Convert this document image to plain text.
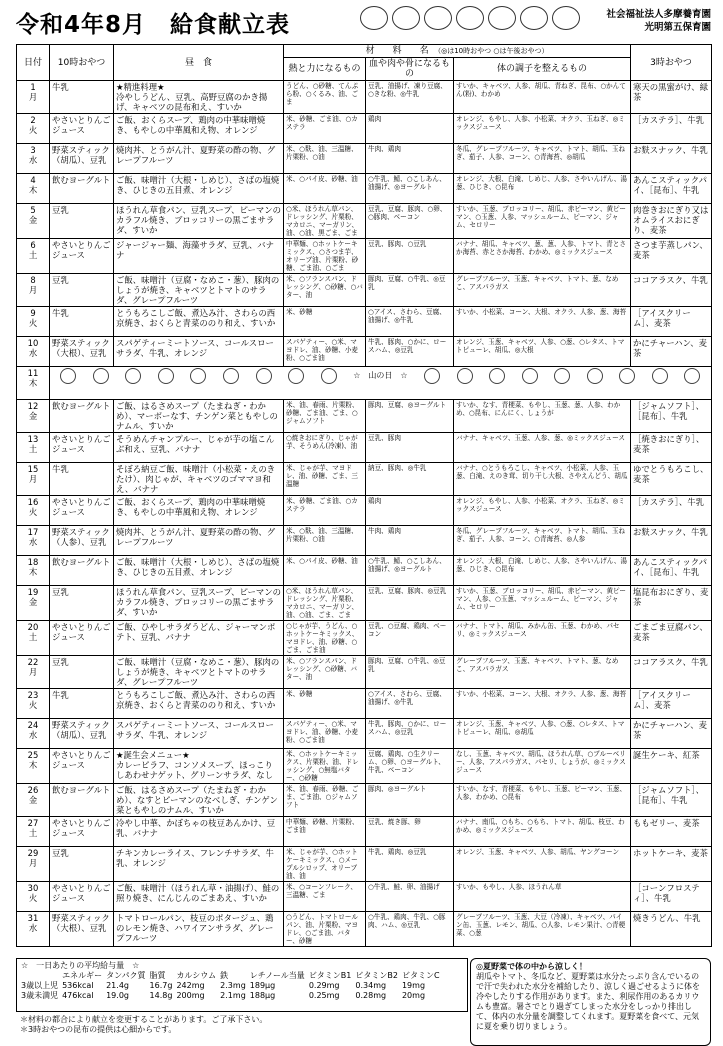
令和4年8月　給食献立表	社会福祉法人多摩養育園
光明第五保育園
日付	10時おやつ	昼　食	材　　料　　名　 （◎は10時おやつ ○は午後おやつ）			3時おやつ
			熱と力になるもの	血や肉や骨になるもの	体の調子を整えるもの	
1
月	牛乳	★精進料理★
冷やしうどん、豆乳、高野豆腐のかき揚げ、キャベツの昆布和え、すいか	うどん、○砂糖、てんぷら粉、○くるみ、油、ごま	豆乳、油揚げ、凍り豆腐、○きな粉、◎牛乳	すいか、キャベツ、人参、胡瓜、青ねぎ、昆布、○かんてん(粉)、わかめ	寒天の黒蜜がけ、緑茶
2
火	やさいとりんごジュース	ご飯、おくらスープ、鶏肉の中華味噌焼き、もやしの中華風和え物、オレンジ	米、砂糖、ごま油、○カステラ	鶏肉	オレンジ、もやし、人参、小松菜、オクラ、玉ねぎ、◎ミックスジュース	［カステラ］、牛乳
3
水	野菜スティック（胡瓜）、豆乳	焼肉丼、とうがん汁、夏野菜の酢の物、グレープフルーツ	米、○麩、油、三温糖、片栗粉、○油	牛肉、鶏肉	冬瓜、グレープフルーツ、キャベツ、トマト、胡瓜、玉ねぎ、茄子、人参、コーン、○青海苔、◎胡瓜	お麩スナック、牛乳
4
木	飲むヨーグルト	ご飯、味噌汁（大根・しめじ）、さばの塩焼き、ひじきの五目煮、オレンジ	米、○パイ皮、砂糖、油	○牛乳、鯖、○こしあん、油揚げ、◎ヨーグルト	オレンジ、大根、白滝、しめじ、人参、さやいんげん、湯葱、ひじき、○昆布	あんこスティックパイ、［昆布］、牛乳
5
金	豆乳	ほうれん草食パン、豆乳スープ、ピーマンのカラフル焼き、ブロッコリーの黒ごまサラダ、すいか	○米、ほうれん草パン、ドレッシング、片栗粉、マカロニ、マーガリン、油、○油、黒ごま、ごま	豆乳、豆腐、豚肉、○卵、○豚肉、ベーコン	すいか、玉葱、ブロッコリー、胡瓜、赤ピーマン、黄ピーマン、○玉葱、人参、マッシュルーム、ピーマン、ジャム、セロリー	肉巻きおにぎり又はオムライスおにぎり、麦茶
6
土	やさいとりんごジュース	ジャージャー麺、海藻サラダ、豆乳、バナナ	中華麺、○ホットケーキミックス、○さつま芋、オリーブ油、片栗粉、砂糖、ごま油、○ごま	豆乳、豚肉、○豆乳	バナナ、胡瓜、キャベツ、葱、葱、人参、トマト、青とさか海苔、赤とさか海苔、わかめ、◎ミックスジュース	さつま芋蒸しパン、麦茶
8
月	豆乳	ご飯、味噌汁（豆腐・なめこ・葱）、豚肉のしょうが焼き、キャベツとトマトのサラダ、グレープフルーツ	米、○フランスパン、ドレッシング、○砂糖、○バター、油	豚肉、豆腐、○牛乳、◎豆乳	グレープフルーツ、玉葱、キャベツ、トマト、葱、なめこ、アスパラガス	ココアラスク、牛乳
9
火	牛乳	とうもろこしご飯、煮込み汁、さわらの西京焼き、おくらと青菜ののり和え、すいか	米、砂糖	○アイス、さわら、豆腐、油揚げ、◎牛乳	すいか、小松菜、コーン、大根、オクラ、人参、葱、海苔	［アイスクリーム］、麦茶
10
水	野菜スティック（大根）、豆乳	スパゲティーミートソース、コールスローサラダ、牛乳、オレンジ	スパゲティー、○米、マヨドレ、油、砂糖、小麦粉、○ごま油	牛乳、豚肉、○かに、ロースハム、◎豆乳	オレンジ、玉葱、キャベツ、人参、○葱、○レタス、トマトピューレ、胡瓜、◎大根	かにチャーハン、麦茶
11
木	☆　山の日　☆					

12
金	飲むヨーグルト	ご飯、はるさめスープ（たまねぎ・わかめ）、マーボーなす、チンゲン菜ともやしのナムル、すいか	米、油、春雨、片栗粉、砂糖、ごま油、ごま、○ジャムソフト	豚肉、豆腐、◎ヨーグルト	すいか、なす、青梗菜、もやし、玉葱、葱、人参、わかめ、○昆布、にんにく、しょうが	［ジャムソフト］、［昆布］、牛乳
13
土	やさいとりんごジュース	そうめんチャンプルー、じゃが芋の塩こんぶ和え、豆乳、バナナ	○焼きおにぎり、じゃが芋、そうめん(冷凍)、油	豆乳、豚肉	バナナ、キャベツ、玉葱、人参、葱、◎ミックスジュース	［焼きおにぎり］、麦茶
15
月	牛乳	そぼろ納豆ご飯、味噌汁（小松菜・えのきたけ）、肉じゃが、キャベツのゴママヨ和え、バナナ	米、じゃが芋、マヨドレ、油、砂糖、ごま、三温糖	納豆、豚肉、◎牛乳	バナナ、○とうもろこし、キャベツ、小松菜、人参、玉葱、白滝、えのき茸、切り干し大根、さやえんどう、胡瓜	ゆでとうもろこし、麦茶
16
火	やさいとりんごジュース	ご飯、おくらスープ、鶏肉の中華味噌焼き、もやしの中華風和え物、オレンジ	米、砂糖、ごま油、○カステラ	鶏肉	オレンジ、もやし、人参、小松菜、オクラ、玉ねぎ、◎ミックスジュース	［カステラ］、牛乳
17
水	野菜スティック（人参）、豆乳	焼肉丼、とうがん汁、夏野菜の酢の物、グレープフルーツ	米、○麩、油、三温糖、片栗粉、○油	牛肉、鶏肉	冬瓜、グレープフルーツ、キャベツ、トマト、胡瓜、玉ねぎ、茄子、人参、コーン、○青海苔、◎人参	お麩スナック、牛乳
18
木	飲むヨーグルト	ご飯、味噌汁（大根・しめじ）、さばの塩焼き、ひじきの五目煮、オレンジ	米、○パイ皮、砂糖、油	○牛乳、鯖、○こしあん、油揚げ、◎ヨーグルト	オレンジ、大根、白滝、しめじ、人参、さやいんげん、湯葱、ひじき、○昆布	あんこスティックパイ、［昆布］、牛乳
19
金	豆乳	ほうれん草食パン、豆乳スープ、ピーマンのカラフル焼き、ブロッコリーの黒ごまサラダ、すいか	○米、ほうれん草パン、ドレッシング、片栗粉、マカロニ、マーガリン、油、○油、ごま、ごま	豆乳、豆腐、豚肉、◎豆乳	すいか、玉葱、ブロッコリー、胡瓜、赤ピーマン、黄ピーマン、人参、○玉葱、マッシュルーム、ピーマン、ジャム、セロリー	塩昆布おにぎり、麦茶
20
土	やさいとりんごジュース	ご飯、ひやしサラダうどん、ジャーマンポテト、豆乳、バナナ	○じゃが芋、うどん、○ホットケーキミックス、マヨドレ、油、砂糖、○ごま、ごま油	豆乳、○豆腐、鶏肉、ベーコン	バナナ、トマト、胡瓜、みかん缶、玉葱、わかめ、パセリ、◎ミックスジュース	ごまごま豆腐パン、麦茶
22
月	豆乳	ご飯、味噌汁（豆腐・なめこ・葱）、豚肉のしょうが焼き、キャベツとトマトのサラダ、グレープフルーツ	米、○フランスパン、ドレッシング、○砂糖、バター、油	豚肉、豆腐、○牛乳、◎豆乳	グレープフルーツ、玉葱、キャベツ、トマト、葱、なめこ、アスパラガス	ココアラスク、牛乳
23
火	牛乳	とうもろこしご飯、煮込み汁、さわらの西京焼き、おくらと青菜ののり和え、すいか	米、砂糖	○アイス、さわら、豆腐、油揚げ、◎牛乳	すいか、小松菜、コーン、大根、オクラ、人参、葱、海苔	［アイスクリーム］、麦茶
24
水	野菜スティック（胡瓜）、豆乳	スパゲティーミートソース、コールスローサラダ、牛乳、オレンジ	スパゲティー、○米、マヨドレ、油、砂糖、小麦粉、○ごま油	牛乳、豚肉、○かに、ロースハム、◎豆乳	オレンジ、玉葱、キャベツ、人参、○葱、○レタス、トマトピューレ、胡瓜、◎胡瓜	かにチャーハン、麦茶
25
木	やさいとりんごジュース	★誕生会メニュー★
カレーピラフ、コンソメスープ、ほっこりしあわせナゲット、グリーンサラダ、なし	米、○ホットケーキミックス、片栗粉、油、ドレッシング、○無塩バター、○砂糖	豆腐、鶏肉、○生クリーム、○卵、○ヨーグルト、牛乳、ベーコン	なし、玉葱、キャベツ、胡瓜、ほうれん草、○ブルーベリー、人参、アスパラガス、パセリ、しょうが、◎ミックスジュース	誕生ケーキ、紅茶
26
金	飲むヨーグルト	ご飯、はるさめスープ（たまねぎ・わかめ）、なすとピーマンのなべしぎ、チンゲン菜ともやしのナムル、すいか	米、油、春雨、砂糖、ごま、ごま油、○ジャムソフト	豚肉、◎ヨーグルト	すいか、なす、青梗菜、もやし、玉葱、ピーマン、玉葱、人参、わかめ、○昆布	［ジャムソフト］、［昆布］、牛乳
27
土	やさいとりんごジュース	冷やし中華、かぼちゃの枝豆あんかけ、豆乳、バナナ	中華麺、砂糖、片栗粉、ごま油	豆乳、焼き豚、卵	バナナ、南瓜、○もち、○もち、トマト、胡瓜、枝豆、わかめ、◎ミックスジュース	ももゼリー、麦茶
29
月	豆乳	チキンカレーライス、フレンチサラダ、牛乳、オレンジ	米、じゃが芋、○ホットケーキミックス、○メープルシロップ、オリーブ油、油	牛乳、鶏肉、◎豆乳	オレンジ、玉葱、キャベツ、人参、胡瓜、ヤングコーン	ホットケーキ、麦茶
30
火	やさいとりんごジュース	ご飯、味噌汁（ほうれん草・油揚げ）、鮭の照り焼き、にんじんのごまあえ、すいか	米、○コーンフレーク、三温糖、ごま	○牛乳、鮭、卵、油揚げ	すいか、もやし、人参、ほうれん草	［コーンフロスティ］、牛乳
31
水	野菜スティック（大根）、豆乳	トマトロールパン、枝豆のポタージュ、鶏のレモン焼き、ハワイアンサラダ、グレープフルーツ	○うどん、トマトロールパン、油、片栗粉、マヨドレ、○ごま油、バター、砂糖	○牛乳、鶏肉、牛乳、○豚肉、ハム、◎豆乳	グレープフルーツ、玉葱、大豆（冷凍）、キャベツ、パイン缶、玉葱、レモン、胡瓜、○人参、レモン果汁、○青梗菜、○葱	焼きうどん、牛乳
☆　一日あたりの平均給与量　☆
	エネルギー	タンパク質	脂質	カルシウム	鉄	レチノール当量	ビタミンB1	ビタミンB2	ビタミンC
3歳以上児	536kcal	21.4g	16.7g	242mg	2.3mg	189μg	0.29mg	0.34mg	19mg
3歳未満児	476kcal	19.0g	14.8g	200mg	2.1mg	188μg	0.25mg	0.28mg	20mg
＊材料の都合により献立を変更することがあります。ご了承下さい。
＊3時おやつの昆布の提供は心細からです。
◎夏野菜で体の中から涼しく！
胡瓜やトマト、冬瓜など、夏野菜は水分たっぷり含んでいるので汗で失われた水分を補給したり、涼しく過ごせるように体を冷やしたりする作用があります。また、利尿作用のあるカリウムも豊富。暑さでとり過ぎてしまった水分をしっかり排出して、体内の水分量を調整してくれます。夏野菜を食べて、元気に夏を乗り切りましょう。
